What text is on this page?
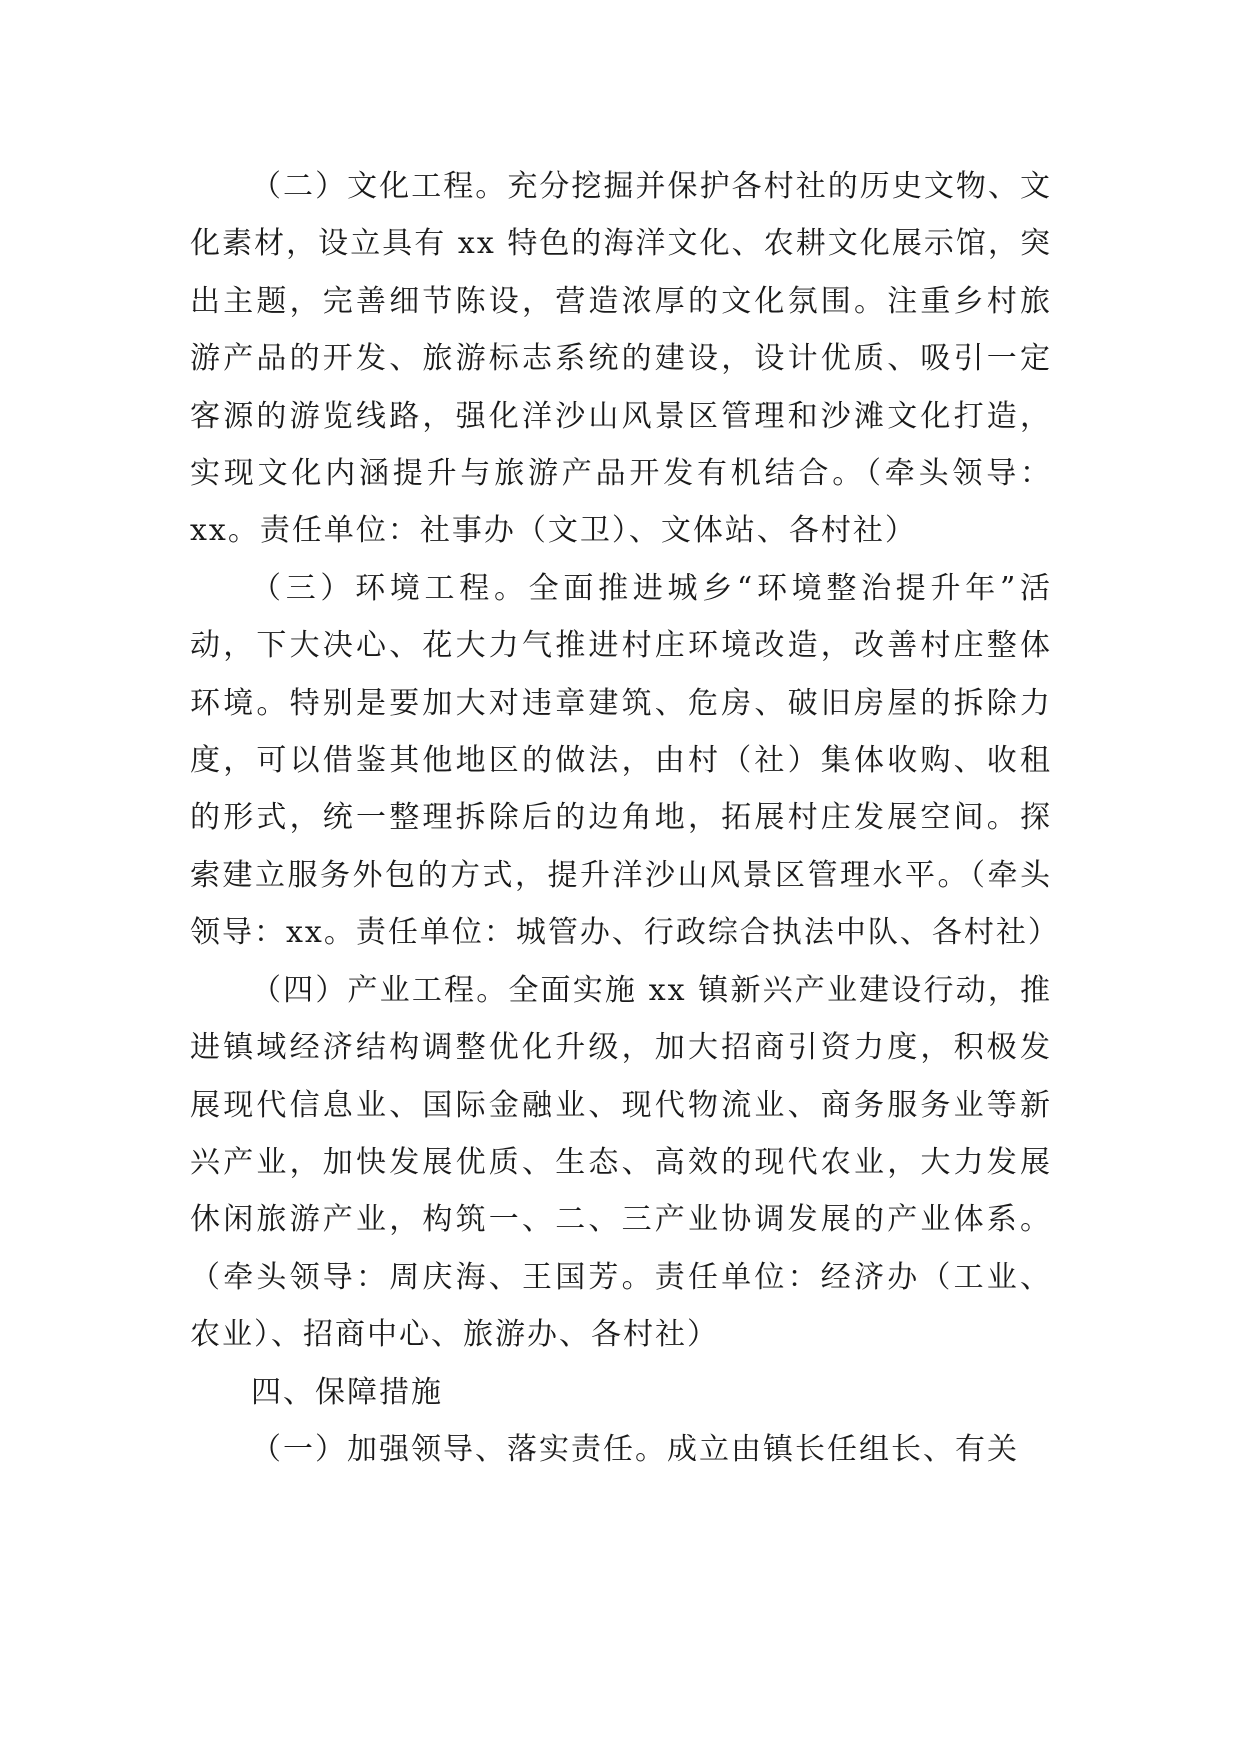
（二）文化工程。充分挖掘并保护各村社的历史文物、文化素材，设立具有 xx 特色的海洋文化、农耕文化展示馆，突出主题，完善细节陈设，营造浓厚的文化氛围。注重乡村旅游产品的开发、旅游标志系统的建设，设计优质、吸引一定客源的游览线路，强化洋沙山风景区管理和沙滩文化打造，实现文化内涵提升与旅游产品开发有机结合。（牵头领导：xx。责任单位：社事办（文卫）、文体站、各村社）

（三）环境工程。全面推进城乡“环境整治提升年”活动，下大决心、花大力气推进村庄环境改造，改善村庄整体环境。特别是要加大对违章建筑、危房、破旧房屋的拆除力度，可以借鉴其他地区的做法，由村（社）集体收购、收租的形式，统一整理拆除后的边角地，拓展村庄发展空间。探索建立服务外包的方式，提升洋沙山风景区管理水平。（牵头领导：xx。责任单位：城管办、行政综合执法中队、各村社）

（四）产业工程。全面实施 xx 镇新兴产业建设行动，推进镇域经济结构调整优化升级，加大招商引资力度，积极发展现代信息业、国际金融业、现代物流业、商务服务业等新兴产业，加快发展优质、生态、高效的现代农业，大力发展休闲旅游产业，构筑一、二、三产业协调发展的产业体系。（牵头领导：周庆海、王国芳。责任单位：经济办（工业、农业）、招商中心、旅游办、各村社）

四、保障措施

（一）加强领导、落实责任。成立由镇长任组长、有关
